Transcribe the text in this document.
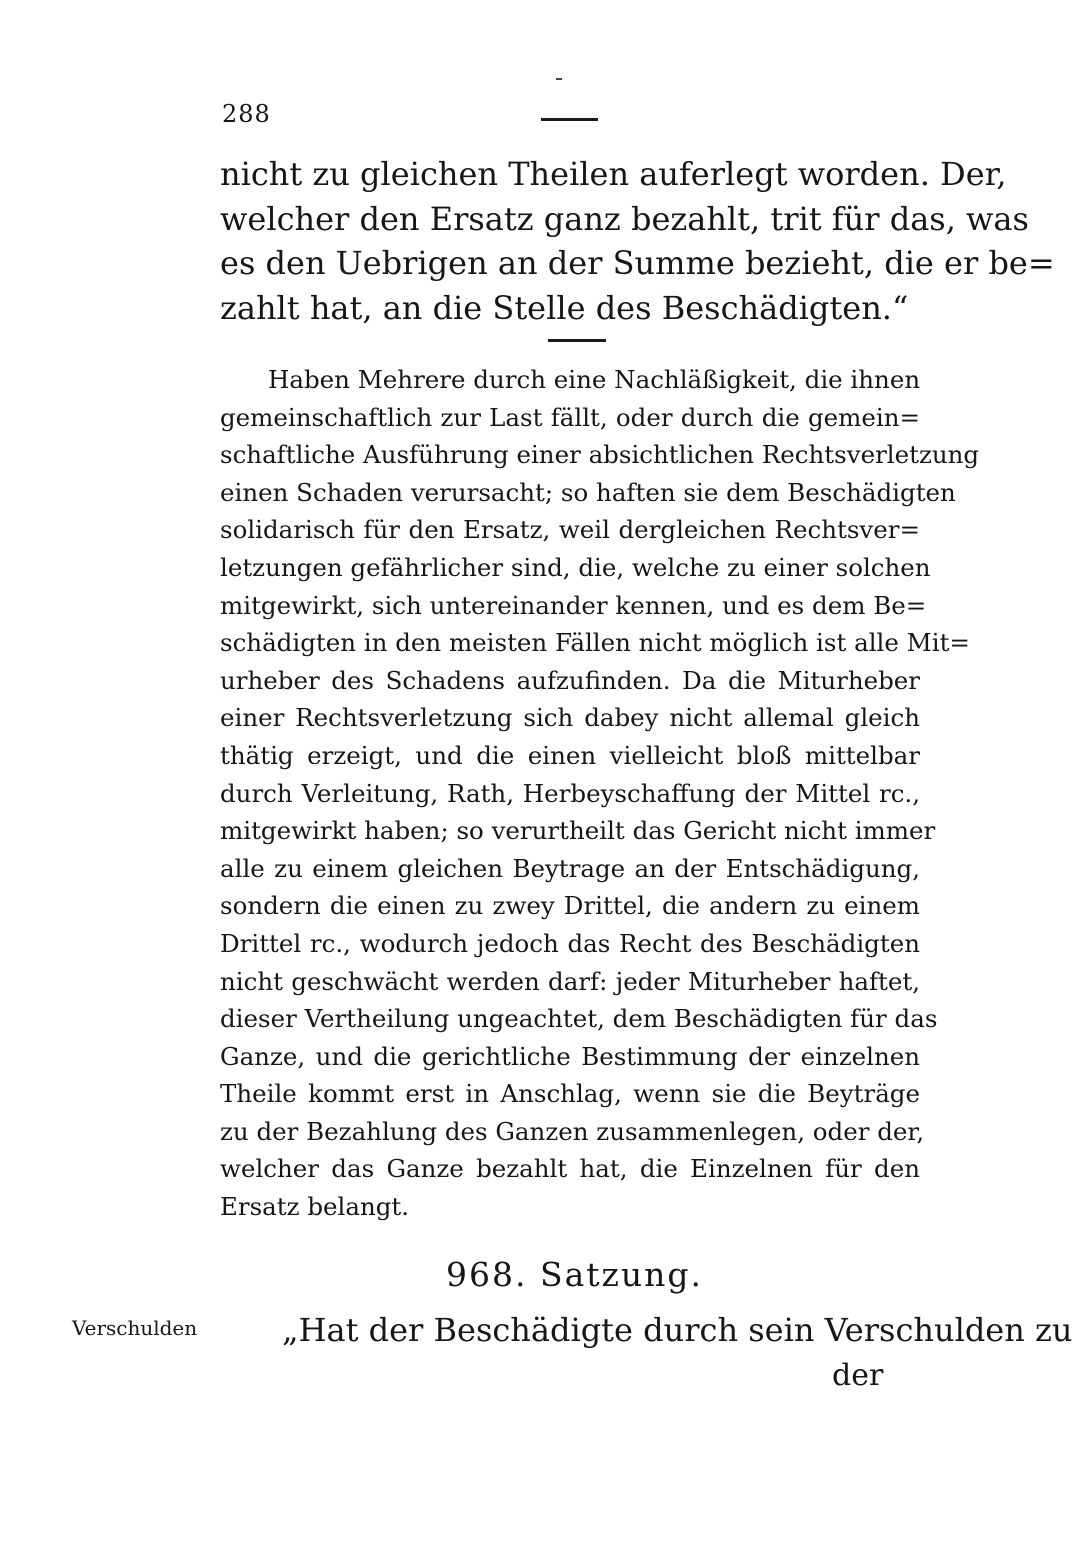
288
nicht zu gleichen Theilen auferlegt worden. Der,
welcher den Ersatz ganz bezahlt, trit für das, was
es den Uebrigen an der Summe bezieht, die er be=
zahlt hat, an die Stelle des Beschädigten.“
Haben Mehrere durch eine Nachläßigkeit, die ihnen
gemeinschaftlich zur Last fällt, oder durch die gemein=
schaftliche Ausführung einer absichtlichen Rechtsverletzung
einen Schaden verursacht; so haften sie dem Beschädigten
solidarisch für den Ersatz, weil dergleichen Rechtsver=
letzungen gefährlicher sind, die, welche zu einer solchen
mitgewirkt, sich untereinander kennen, und es dem Be=
schädigten in den meisten Fällen nicht möglich ist alle Mit=
urheber des Schadens aufzufinden. Da die Miturheber
einer Rechtsverletzung sich dabey nicht allemal gleich
thätig erzeigt, und die einen vielleicht bloß mittelbar
durch Verleitung, Rath, Herbeyschaffung der Mittel rc.,
mitgewirkt haben; so verurtheilt das Gericht nicht immer
alle zu einem gleichen Beytrage an der Entschädigung,
sondern die einen zu zwey Drittel, die andern zu einem
Drittel rc., wodurch jedoch das Recht des Beschädigten
nicht geschwächt werden darf: jeder Miturheber haftet,
dieser Vertheilung ungeachtet, dem Beschädigten für das
Ganze, und die gerichtliche Bestimmung der einzelnen
Theile kommt erst in Anschlag, wenn sie die Beyträge
zu der Bezahlung des Ganzen zusammenlegen, oder der,
welcher das Ganze bezahlt hat, die Einzelnen für den
Ersatz belangt.
968. Satzung.
Verschulden	„Hat der Beschädigte durch sein Verschulden zu
der
